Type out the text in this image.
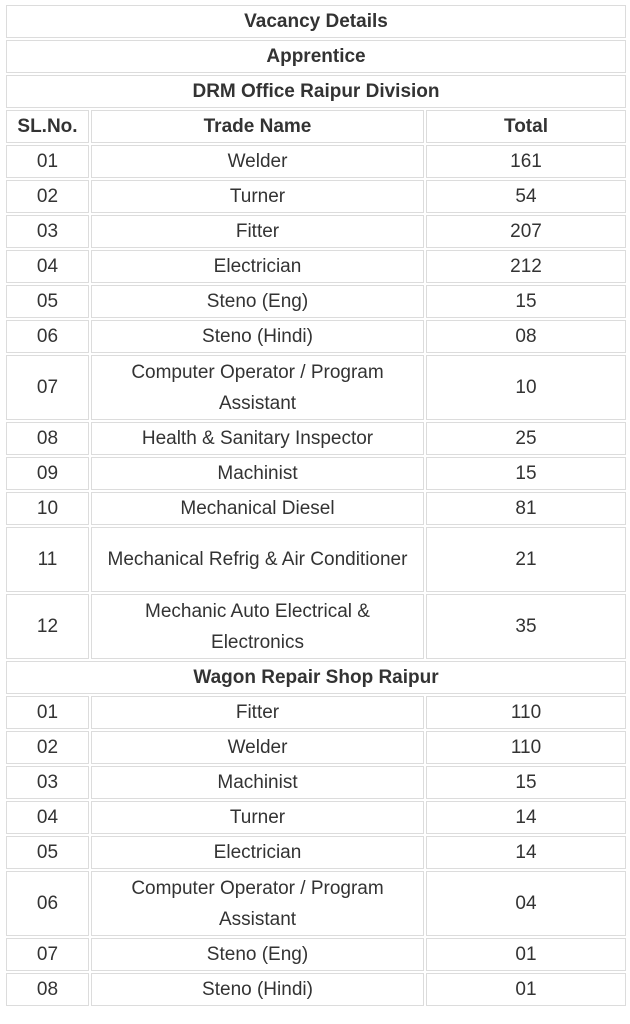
Vacancy Details		
Apprentice		
DRM Office Raipur Division		
SL.No.	Trade Name	Total
01	Welder	161
02	Turner	54
03	Fitter	207
04	Electrician	212
05	Steno (Eng)	15
06	Steno (Hindi)	08
07	Computer Operator / Program Assistant	10
08	Health & Sanitary Inspector	25
09	Machinist	15
10	Mechanical Diesel	81
11	Mechanical Refrig & Air Conditioner	21
12	Mechanic Auto Electrical & Electronics	35
Wagon Repair Shop Raipur		
01	Fitter	110
02	Welder	110
03	Machinist	15
04	Turner	14
05	Electrician	14
06	Computer Operator / Program Assistant	04
07	Steno (Eng)	01
08	Steno (Hindi)	01
